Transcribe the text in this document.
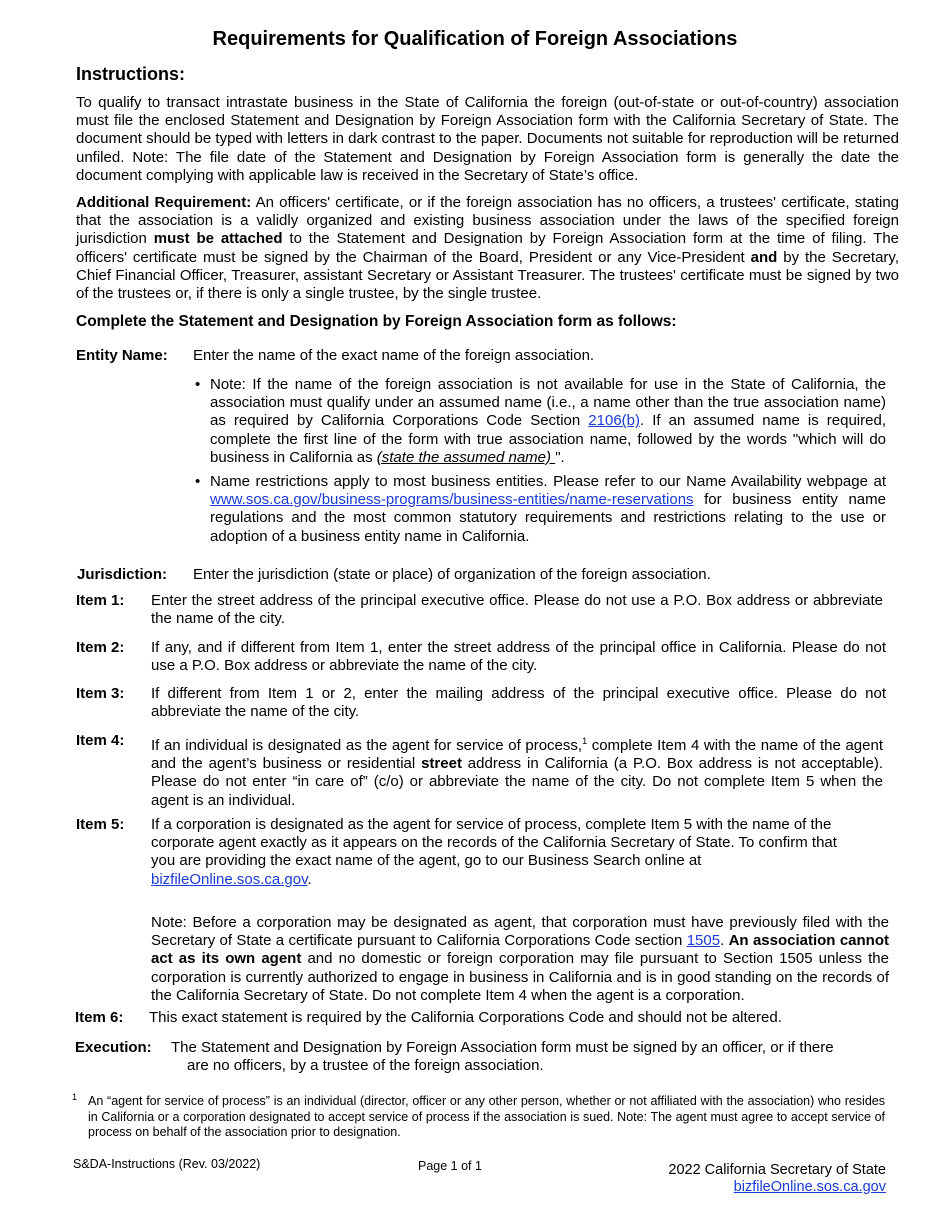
Requirements for Qualification of Foreign Associations
Instructions:
To qualify to transact intrastate business in the State of California the foreign (out-of-state or out-of-country) association must file the enclosed Statement and Designation by Foreign Association form with the California Secretary of State. The document should be typed with letters in dark contrast to the paper. Documents not suitable for reproduction will be returned unfiled. Note: The file date of the Statement and Designation by Foreign Association form is generally the date the document complying with applicable law is received in the Secretary of State’s office.
Additional Requirement: An officers' certificate, or if the foreign association has no officers, a trustees' certificate, stating that the association is a validly organized and existing business association under the laws of the specified foreign jurisdiction must be attached to the Statement and Designation by Foreign Association form at the time of filing. The officers' certificate must be signed by the Chairman of the Board, President or any Vice-President and by the Secretary, Chief Financial Officer, Treasurer, assistant Secretary or Assistant Treasurer. The trustees' certificate must be signed by two of the trustees or, if there is only a single trustee, by the single trustee.
Complete the Statement and Designation by Foreign Association form as follows:
Entity Name: Enter the name of the exact name of the foreign association.
• Note: If the name of the foreign association is not available for use in the State of California, the association must qualify under an assumed name (i.e., a name other than the true association name) as required by California Corporations Code Section 2106(b). If an assumed name is required, complete the first line of the form with true association name, followed by the words "which will do business in California as (state the assumed name) ".
• Name restrictions apply to most business entities. Please refer to our Name Availability webpage at www.sos.ca.gov/business-programs/business-entities/name-reservations for business entity name regulations and the most common statutory requirements and restrictions relating to the use or adoption of a business entity name in California.
Jurisdiction: Enter the jurisdiction (state or place) of organization of the foreign association.
Item 1: Enter the street address of the principal executive office. Please do not use a P.O. Box address or abbreviate the name of the city.
Item 2: If any, and if different from Item 1, enter the street address of the principal office in California. Please do not use a P.O. Box address or abbreviate the name of the city.
Item 3: If different from Item 1 or 2, enter the mailing address of the principal executive office. Please do not abbreviate the name of the city.
Item 4: If an individual is designated as the agent for service of process,$^1$ complete Item 4 with the name of the agent and the agent’s business or residential street address in California (a P.O. Box address is not acceptable). Please do not enter “in care of” (c/o) or abbreviate the name of the city. Do not complete Item 5 when the agent is an individual.
Item 5: If a corporation is designated as the agent for service of process, complete Item 5 with the name of the
corporate agent exactly as it appears on the records of the California Secretary of State. To confirm that
you are providing the exact name of the agent, go to our Business Search online at
bizfileOnline.sos.ca.gov.
Note: Before a corporation may be designated as agent, that corporation must have previously filed with the Secretary of State a certificate pursuant to California Corporations Code section 1505. An association cannot act as its own agent and no domestic or foreign corporation may file pursuant to Section 1505 unless the corporation is currently authorized to engage in business in California and is in good standing on the records of the California Secretary of State. Do not complete Item 4 when the agent is a corporation.
Item 6: This exact statement is required by the California Corporations Code and should not be altered.
Execution: The Statement and Designation by Foreign Association form must be signed by an officer, or if there
are no officers, by a trustee of the foreign association.
1 An “agent for service of process” is an individual (director, officer or any other person, whether or not affiliated with the association) who resides in California or a corporation designated to accept service of process if the association is sued. Note: The agent must agree to accept service of process on behalf of the association prior to designation.
S&DA-Instructions (Rev. 03/2022)	Page 1 of 1	2022 California Secretary of State
bizfileOnline.sos.ca.gov
